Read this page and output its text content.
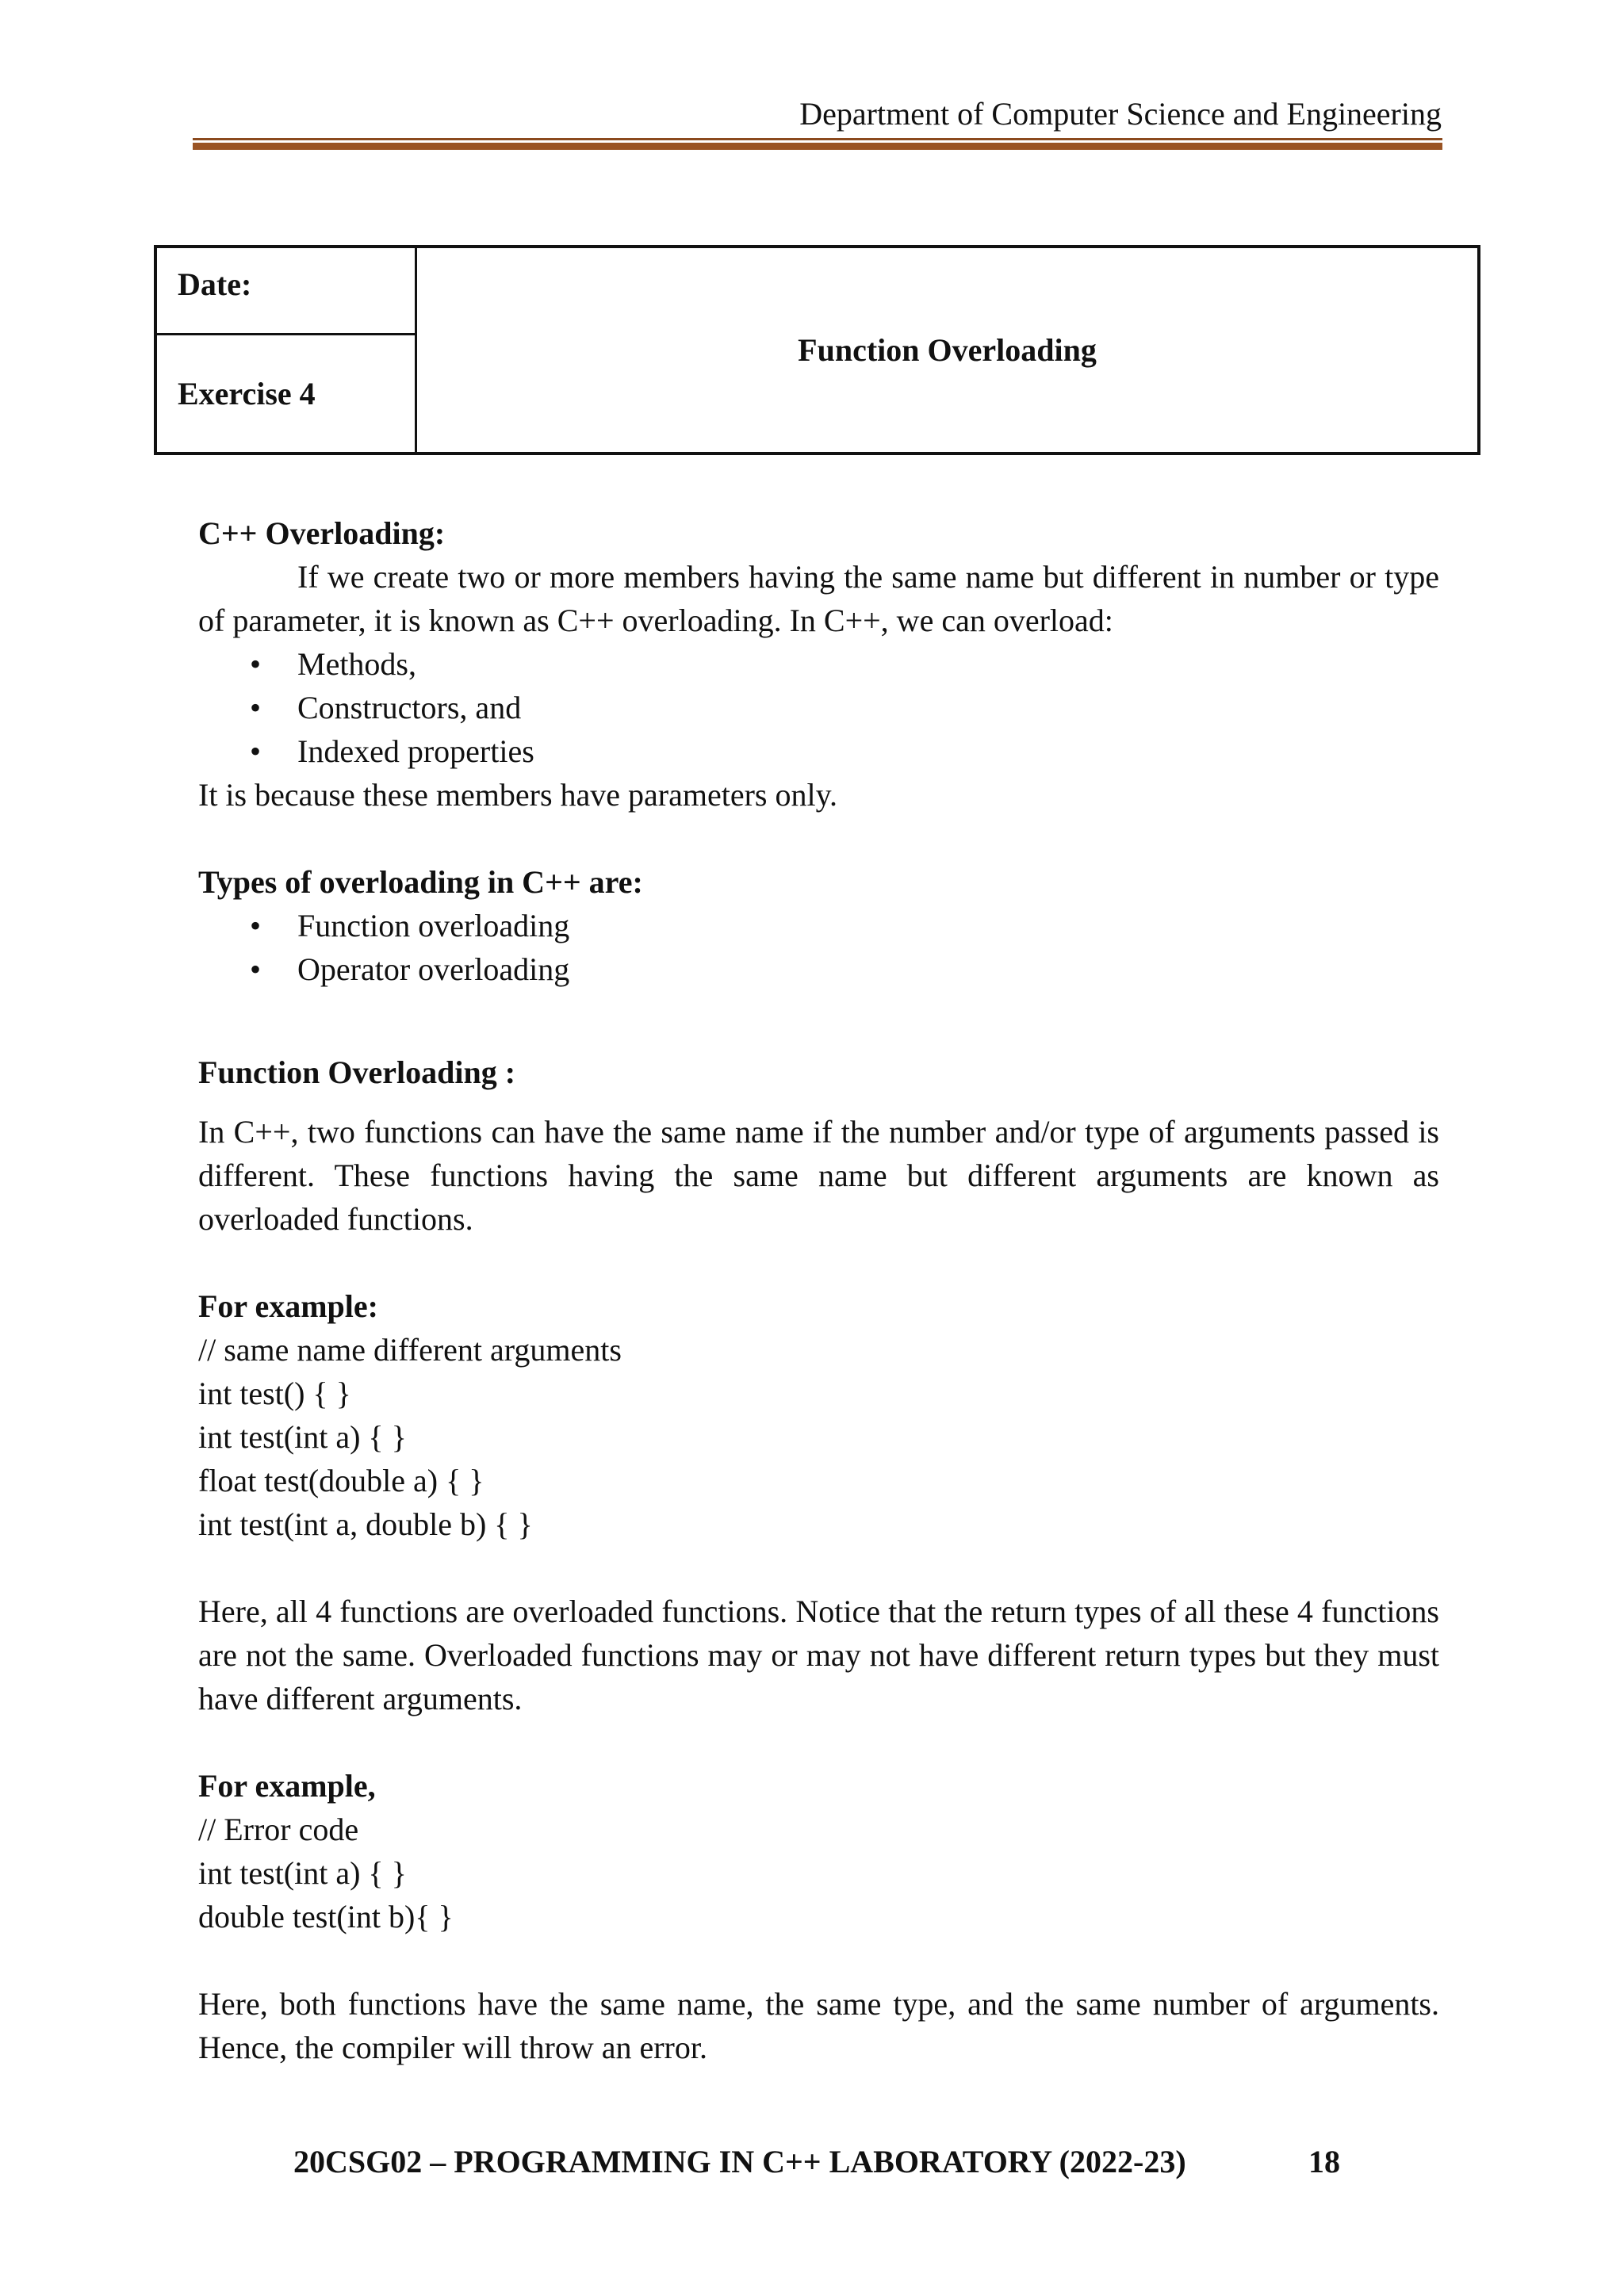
Department of Computer Science and Engineering
Date:
Exercise 4
Function Overloading

C++ Overloading:

If we create two or more members having the same name but different in number or type of parameter, it is known as C++ overloading. In C++, we can overload:

• Methods,
• Constructors, and
• Indexed properties

It is because these members have parameters only.

Types of overloading in C++ are:

• Function overloading
• Operator overloading

Function Overloading :

In C++, two functions can have the same name if the number and/or type of arguments passed is different. These functions having the same name but different arguments are known as overloaded functions.

For example:

// same name different arguments

int test() { }

int test(int a) { }

float test(double a) { }

int test(int a, double b) { }

Here, all 4 functions are overloaded functions. Notice that the return types of all these 4 functions are not the same. Overloaded functions may or may not have different return types but they must have different arguments.

For example,

// Error code

int test(int a) { }

double test(int b){ }

Here, both functions have the same name, the same type, and the same number of arguments. Hence, the compiler will throw an error.

20CSG02 – PROGRAMMING IN C++ LABORATORY (2022-23)	18
